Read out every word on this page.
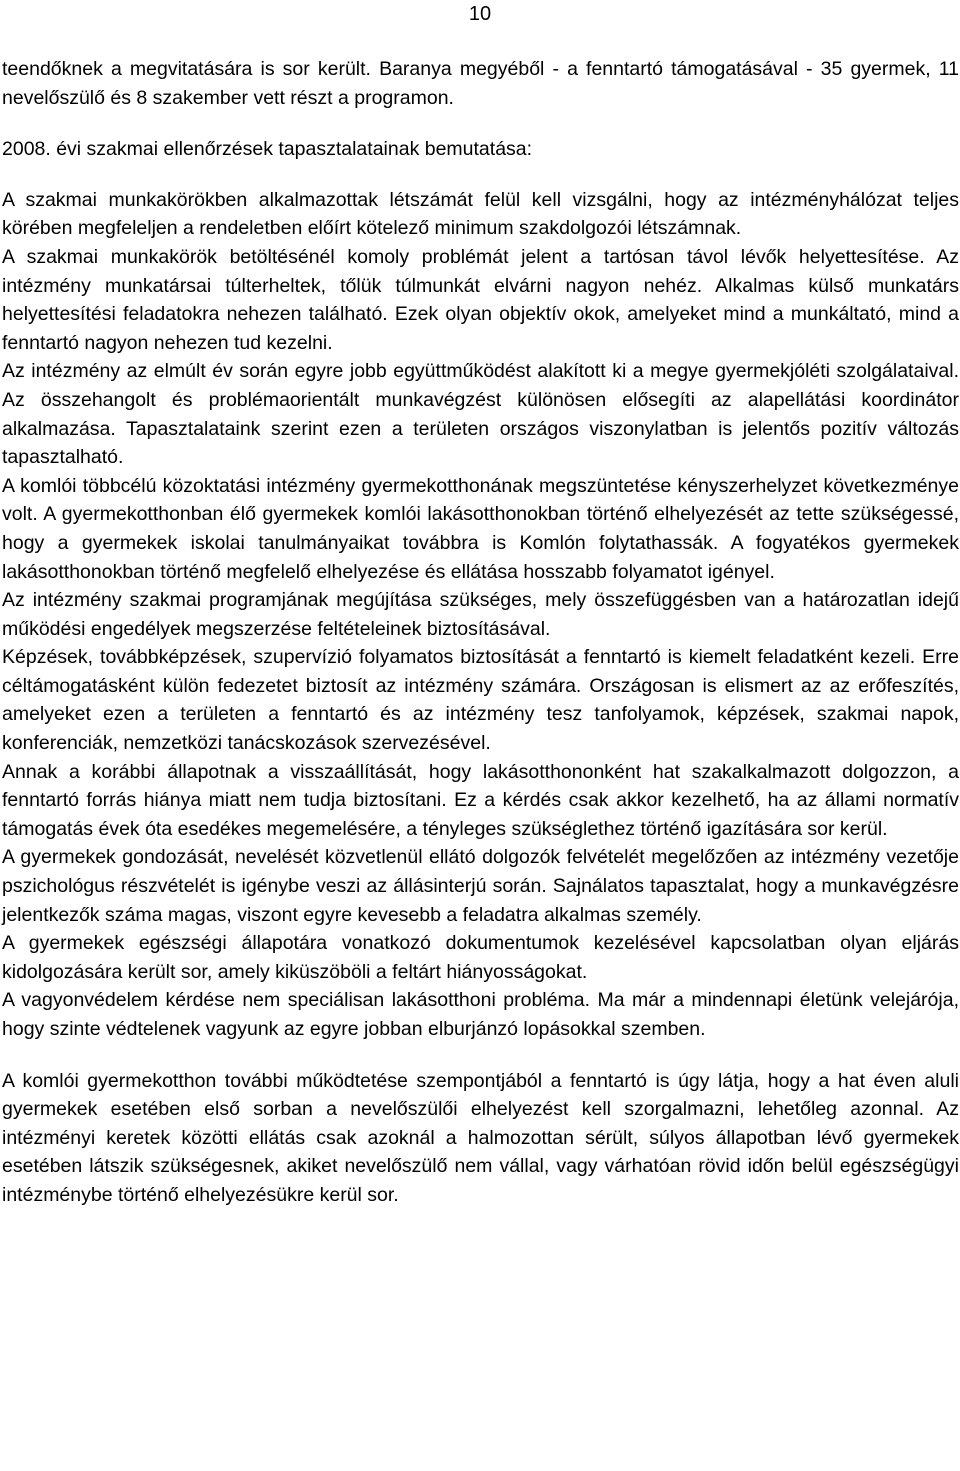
10

teendőknek a megvitatására is sor került. Baranya megyéből - a fenntartó támogatásával - 35 gyermek, 11 nevelőszülő és 8 szakember vett részt a programon.

2008. évi szakmai ellenőrzések tapasztalatainak bemutatása:

A szakmai munkakörökben alkalmazottak létszámát felül kell vizsgálni, hogy az intézményhálózat teljes körében megfeleljen a rendeletben előírt kötelező minimum szakdolgozói létszámnak.

A szakmai munkakörök betöltésénél komoly problémát jelent a tartósan távol lévők helyettesítése. Az intézmény munkatársai túlterheltek, tőlük túlmunkát elvárni nagyon nehéz. Alkalmas külső munkatárs helyettesítési feladatokra nehezen található. Ezek olyan objektív okok, amelyeket mind a munkáltató, mind a fenntartó nagyon nehezen tud kezelni.

Az intézmény az elmúlt év során egyre jobb együttműködést alakított ki a megye gyermekjóléti szolgálataival. Az összehangolt és problémaorientált munkavégzést különösen elősegíti az alapellátási koordinátor alkalmazása. Tapasztalataink szerint ezen a területen országos viszonylatban is jelentős pozitív változás tapasztalható.

A komlói többcélú közoktatási intézmény gyermekotthonának megszüntetése kényszerhelyzet következménye volt. A gyermekotthonban élő gyermekek komlói lakásotthonokban történő elhelyezését az tette szükségessé, hogy a gyermekek iskolai tanulmányaikat továbbra is Komlón folytathassák. A fogyatékos gyermekek lakásotthonokban történő megfelelő elhelyezése és ellátása hosszabb folyamatot igényel.

Az intézmény szakmai programjának megújítása szükséges, mely összefüggésben van a határozatlan idejű működési engedélyek megszerzése feltételeinek biztosításával.

Képzések, továbbképzések, szupervízió folyamatos biztosítását a fenntartó is kiemelt feladatként kezeli. Erre céltámogatásként külön fedezetet biztosít az intézmény számára. Országosan is elismert az az erőfeszítés, amelyeket ezen a területen a fenntartó és az intézmény tesz tanfolyamok, képzések, szakmai napok, konferenciák, nemzetközi tanácskozások szervezésével.

Annak a korábbi állapotnak a visszaállítását, hogy lakásotthononként hat szakalkalmazott dolgozzon, a fenntartó forrás hiánya miatt nem tudja biztosítani. Ez a kérdés csak akkor kezelhető, ha az állami normatív támogatás évek óta esedékes megemelésére, a tényleges szükséglethez történő igazítására sor kerül.

A gyermekek gondozását, nevelését közvetlenül ellátó dolgozók felvételét megelőzően az intézmény vezetője pszichológus részvételét is igénybe veszi az állásinterjú során. Sajnálatos tapasztalat, hogy a munkavégzésre jelentkezők száma magas, viszont egyre kevesebb a feladatra alkalmas személy.

A gyermekek egészségi állapotára vonatkozó dokumentumok kezelésével kapcsolatban olyan eljárás kidolgozására került sor, amely kiküszöböli a feltárt hiányosságokat.

A vagyonvédelem kérdése nem speciálisan lakásotthoni probléma. Ma már a mindennapi életünk velejárója, hogy szinte védtelenek vagyunk az egyre jobban elburjánzó lopásokkal szemben.

A komlói gyermekotthon további működtetése szempontjából a fenntartó is úgy látja, hogy a hat éven aluli gyermekek esetében első sorban a nevelőszülői elhelyezést kell szorgalmazni, lehetőleg azonnal. Az intézményi keretek közötti ellátás csak azoknál a halmozottan sérült, súlyos állapotban lévő gyermekek esetében látszik szükségesnek, akiket nevelőszülő nem vállal, vagy várhatóan rövid időn belül egészségügyi intézménybe történő elhelyezésükre kerül sor.
